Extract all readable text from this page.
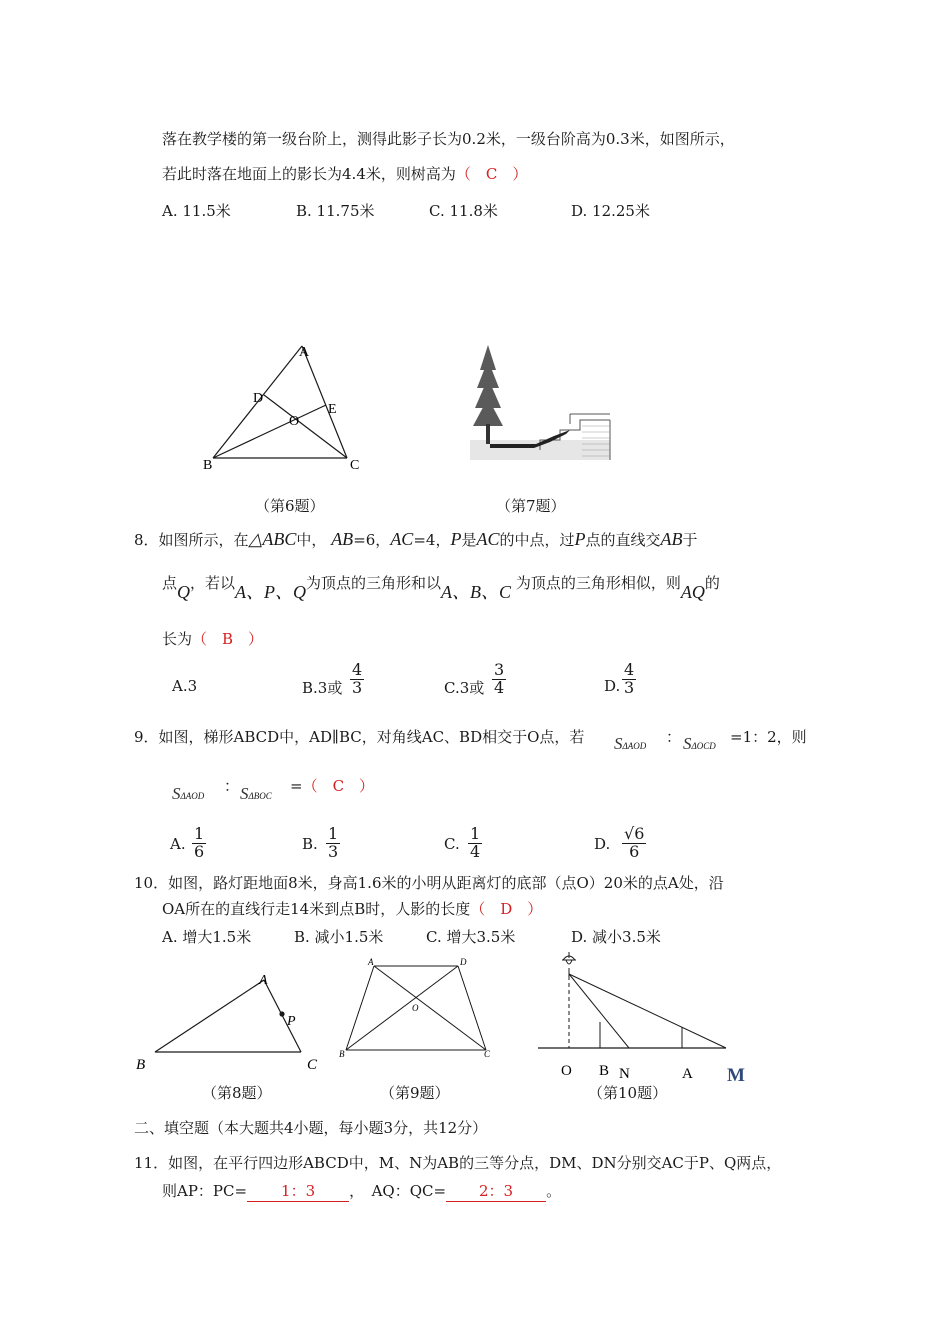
落在教学楼的第一级台阶上，测得此影子长为0.2米，一级台阶高为0.3米，如图所示，
若此时落在地面上的影长为4.4米，则树高为（　C　）
A. 11.5米	B. 11.75米	C. 11.8米	D. 12.25米
A
D
E
O
B	C
（第6题）	（第7题）
8．如图所示，在△ABC中， AB=6，AC=4，P是AC的中点，过P点的直线交AB于
点Q，若以A、P、Q为顶点的三角形和以A、B、C 为顶点的三角形相似，则AQ的
长为（　B　）
A.3	B.3或 $\frac{4}{3}$	C.3或 $\frac{3}{4}$	D. $\frac{4}{3}$
9．如图，梯形ABCD中，AD∥BC，对角线AC、BD相交于O点，若 SΔAOD ： SΔOCD =1：2，则
SΔAOD
： SΔBOC
=（　C　）
A. $\frac{1}{6}$	B. $\frac{1}{3}$	C. $\frac{1}{4}$	D. $\frac{√6}{6}$
10．如图，路灯距地面8米，身高1.6米的小明从距离灯的底部（点O）20米的点A处，沿
OA所在的直线行走14米到点B时，人影的长度（　D　）
A. 增大1.5米	B. 减小1.5米	C. 增大3.5米	D. 减小3.5米
A
P
B	C
（第8题）
A	D
O
B	C
（第9题）
O B N	A M
（第10题）
二、填空题（本大题共4小题，每小题3分，共12分）
11．如图，在平行四边形ABCD中，M、N为AB的三等分点，DM、DN分别交AC于P、Q两点，
则AP：PC= 1：3 ，　AQ：QC= 2：3 。
